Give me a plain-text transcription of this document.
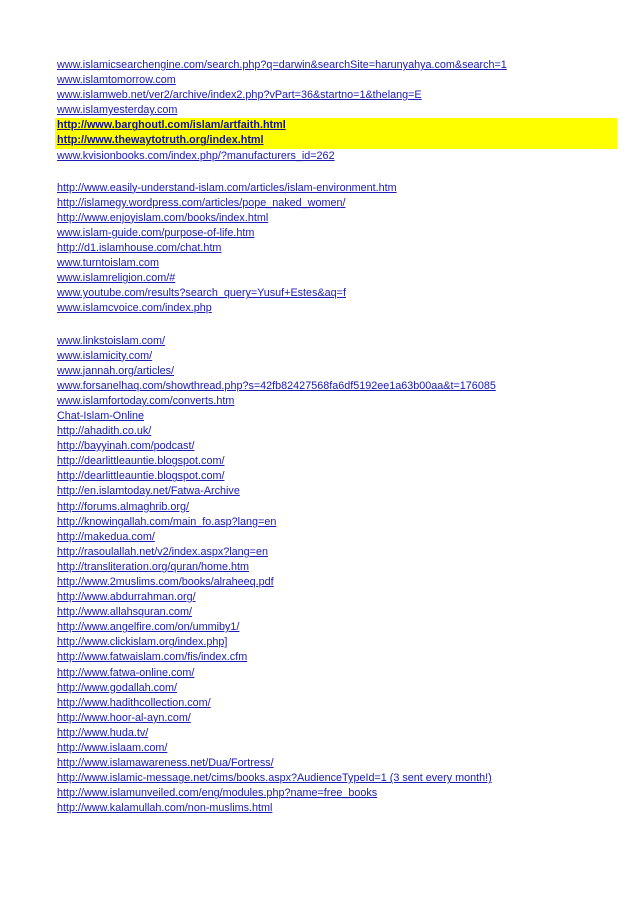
www.islamicsearchengine.com/search.php?q=darwin&searchSite=harunyahya.com&search=1
www.islamtomorrow.com
www.islamweb.net/ver2/archive/index2.php?vPart=36&startno=1&thelang=E
www.islamyesterday.com
http://www.barghoutl.com/islam/artfaith.html
http://www.thewaytotruth.org/index.html
www.kvisionbooks.com/index.php/?manufacturers_id=262
http://www.easily-understand-islam.com/articles/islam-environment.htm
http://islamegy.wordpress.com/articles/pope_naked_women/
http://www.enjoyislam.com/books/index.html
www.islam-guide.com/purpose-of-life.htm
http://d1.islamhouse.com/chat.htm
www.turntoislam.com
www.islamreligion.com/#
www.youtube.com/results?search_query=Yusuf+Estes&aq=f
www.islamcvoice.com/index.php
www.linkstoislam.com/
www.islamicity.com/
www.jannah.org/articles/
www.forsanelhaq.com/showthread.php?s=42fb82427568fa6df5192ee1a63b00aa&t=176085
www.islamfortoday.com/converts.htm
Chat-Islam-Online
http://ahadith.co.uk/
http://bayyinah.com/podcast/
http://dearlittleauntie.blogspot.com/
http://dearlittleauntie.blogspot.com/
http://en.islamtoday.net/Fatwa-Archive
http://forums.almaghrib.org/
http://knowingallah.com/main_fo.asp?lang=en
http://makedua.com/
http://rasoulallah.net/v2/index.aspx?lang=en
http://transliteration.org/quran/home.htm
http://www.2muslims.com/books/alraheeq.pdf
http://www.abdurrahman.org/
http://www.allahsquran.com/
http://www.angelfire.com/on/ummiby1/
http://www.clickislam.org/index.php]
http://www.fatwaislam.com/fis/index.cfm
http://www.fatwa-online.com/
http://www.godallah.com/
http://www.hadithcollection.com/
http://www.hoor-al-ayn.com/
http://www.huda.tv/
http://www.islaam.com/
http://www.islamawareness.net/Dua/Fortress/
http://www.islamic-message.net/cims/books.aspx?AudienceTypeId=1 (3 sent every month!)
http://www.islamunveiled.com/eng/modules.php?name=free_books
http://www.kalamullah.com/non-muslims.html
